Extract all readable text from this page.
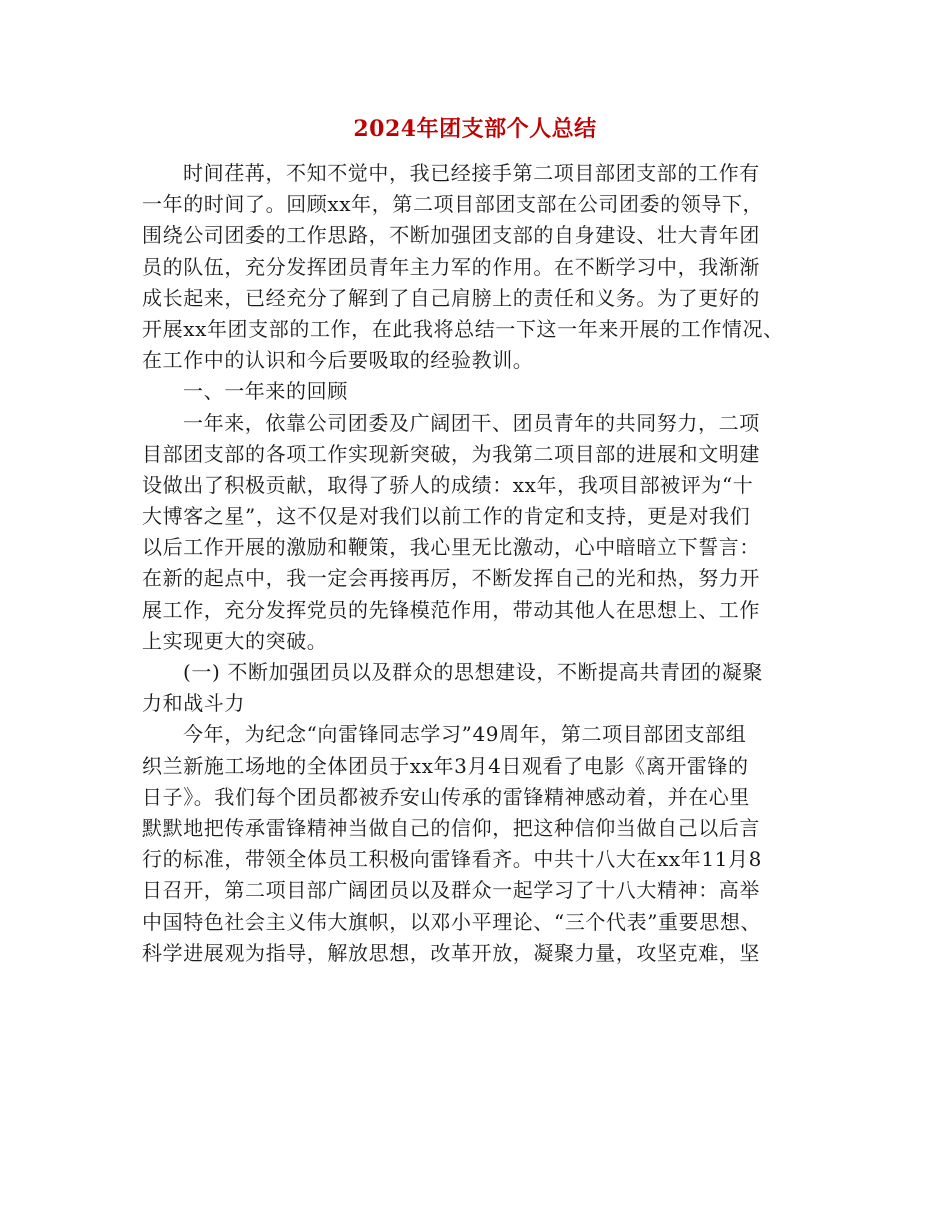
2024年团支部个人总结
时间荏苒，不知不觉中，我已经接手第二项目部团支部的工作有
一年的时间了。回顾xx年，第二项目部团支部在公司团委的领导下，
围绕公司团委的工作思路，不断加强团支部的自身建设、壮大青年团
员的队伍，充分发挥团员青年主力军的作用。在不断学习中，我渐渐
成长起来，已经充分了解到了自己肩膀上的责任和义务。为了更好的
开展xx年团支部的工作，在此我将总结一下这一年来开展的工作情况、
在工作中的认识和今后要吸取的经验教训。
一、一年来的回顾
一年来，依靠公司团委及广阔团干、团员青年的共同努力，二项
目部团支部的各项工作实现新突破，为我第二项目部的进展和文明建
设做出了积极贡献，取得了骄人的成绩：xx年，我项目部被评为“十
大博客之星”，这不仅是对我们以前工作的肯定和支持，更是对我们
以后工作开展的激励和鞭策，我心里无比激动，心中暗暗立下誓言：
在新的起点中，我一定会再接再厉，不断发挥自己的光和热，努力开
展工作，充分发挥党员的先锋模范作用，带动其他人在思想上、工作
上实现更大的突破。
(一) 不断加强团员以及群众的思想建设，不断提高共青团的凝聚
力和战斗力
今年，为纪念“向雷锋同志学习”49周年，第二项目部团支部组
织兰新施工场地的全体团员于xx年3月4日观看了电影《离开雷锋的
日子》。我们每个团员都被乔安山传承的雷锋精神感动着，并在心里
默默地把传承雷锋精神当做自己的信仰，把这种信仰当做自己以后言
行的标准，带领全体员工积极向雷锋看齐。中共十八大在xx年11月8
日召开，第二项目部广阔团员以及群众一起学习了十八大精神：高举
中国特色社会主义伟大旗帜，以邓小平理论、“三个代表”重要思想、
科学进展观为指导，解放思想，改革开放，凝聚力量，攻坚克难，坚
